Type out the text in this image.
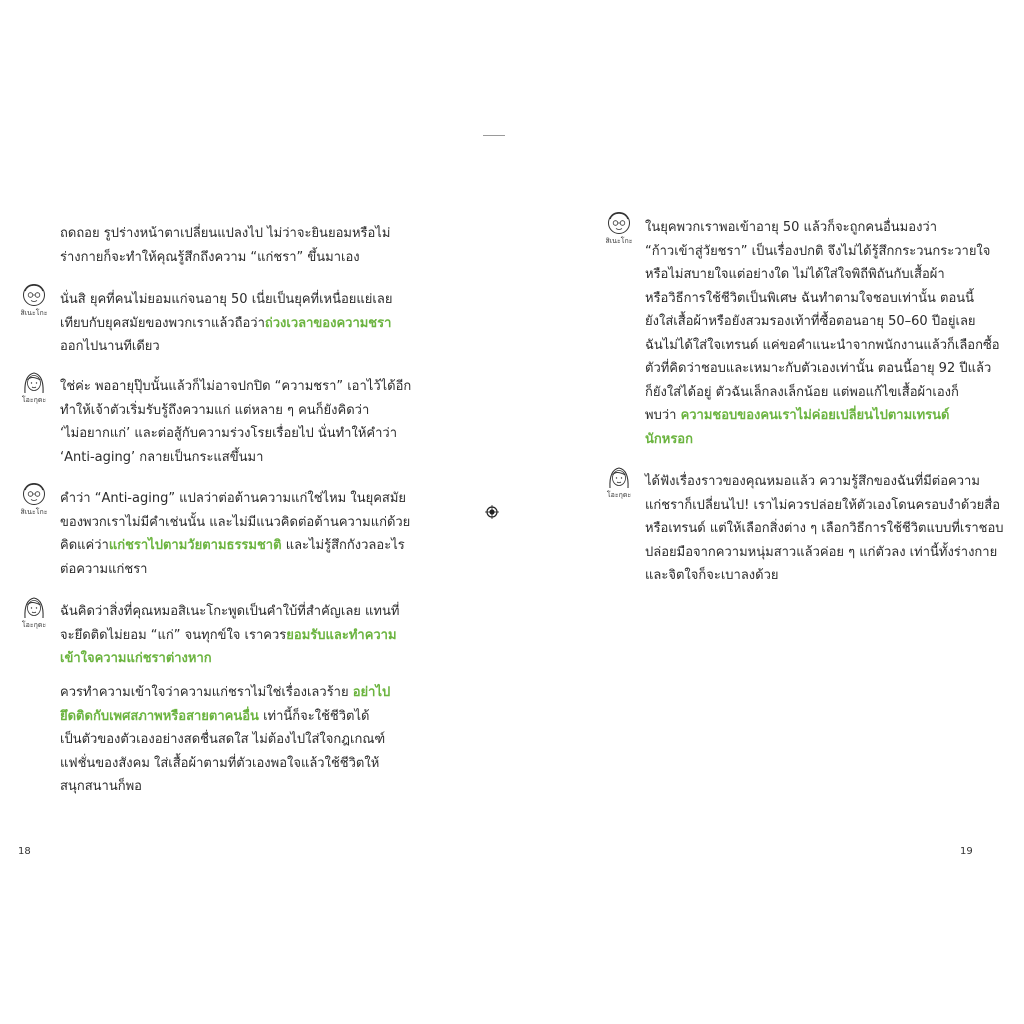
18	19
ถดถอย รูปร่างหน้าตาเปลี่ยนแปลงไป ไม่ว่าจะยินยอมหรือไม่
ร่างกายก็จะทำให้คุณรู้สึกถึงความ “แก่ชรา” ขึ้นมาเอง
สิเนะโกะ
นั่นสิ ยุคที่คนไม่ยอมแก่จนอายุ 50 เนี่ยเป็นยุคที่เหนื่อยแย่เลย
เทียบกับยุคสมัยของพวกเราแล้วถือว่าถ่วงเวลาของความชรา
ออกไปนานทีเดียว
โอะกุดะ
ใช่ค่ะ พออายุปุ๊บนั้นแล้วก็ไม่อาจปกปิด “ความชรา” เอาไว้ได้อีก
ทำให้เจ้าตัวเริ่มรับรู้ถึงความแก่ แต่หลาย ๆ คนก็ยังคิดว่า
‘ไม่อยากแก่’ และต่อสู้กับความร่วงโรยเรื่อยไป นั่นทำให้คำว่า
‘Anti-aging’ กลายเป็นกระแสขึ้นมา
สิเนะโกะ
คำว่า “Anti-aging” แปลว่าต่อต้านความแก่ใช่ไหม ในยุคสมัย
ของพวกเราไม่มีคำเช่นนั้น และไม่มีแนวคิดต่อต้านความแก่ด้วย
คิดแค่ว่าแก่ชราไปตามวัยตามธรรมชาติ และไม่รู้สึกกังวลอะไร
ต่อความแก่ชรา
โอะกุดะ
ฉันคิดว่าสิ่งที่คุณหมอสิเนะโกะพูดเป็นคำใบ้ที่สำคัญเลย แทนที่
จะยึดติดไม่ยอม “แก่” จนทุกข์ใจ เราควรยอมรับและทำความ
เข้าใจความแก่ชราต่างหาก
ควรทำความเข้าใจว่าความแก่ชราไม่ใช่เรื่องเลวร้าย อย่าไป
ยึดติดกับเพศสภาพหรือสายตาคนอื่น เท่านี้ก็จะใช้ชีวิตได้
เป็นตัวของตัวเองอย่างสดชื่นสดใส ไม่ต้องไปใส่ใจกฎเกณฑ์
แฟชั่นของสังคม ใส่เสื้อผ้าตามที่ตัวเองพอใจแล้วใช้ชีวิตให้
สนุกสนานก็พอ
สิเนะโกะ
ในยุคพวกเราพอเข้าอายุ 50 แล้วก็จะถูกคนอื่นมองว่า
“ก้าวเข้าสู่วัยชรา” เป็นเรื่องปกติ จึงไม่ได้รู้สึกกระวนกระวายใจ
หรือไม่สบายใจแต่อย่างใด ไม่ได้ใส่ใจพิถีพิถันกับเสื้อผ้า
หรือวิธีการใช้ชีวิตเป็นพิเศษ ฉันทำตามใจชอบเท่านั้น ตอนนี้
ยังใส่เสื้อผ้าหรือยังสวมรองเท้าที่ซื้อตอนอายุ 50–60 ปีอยู่เลย
ฉันไม่ได้ใส่ใจเทรนด์ แค่ขอคำแนะนำจากพนักงานแล้วก็เลือกซื้อ
ตัวที่คิดว่าชอบและเหมาะกับตัวเองเท่านั้น ตอนนี้อายุ 92 ปีแล้ว
ก็ยังใส่ได้อยู่ ตัวฉันเล็กลงเล็กน้อย แต่พอแก้ไขเสื้อผ้าเองก็
พบว่า ความชอบของคนเราไม่ค่อยเปลี่ยนไปตามเทรนด์
นักหรอก
โอะกุดะ
ได้ฟังเรื่องราวของคุณหมอแล้ว ความรู้สึกของฉันที่มีต่อความ
แก่ชราก็เปลี่ยนไป! เราไม่ควรปล่อยให้ตัวเองโดนครอบงำด้วยสื่อ
หรือเทรนด์ แต่ให้เลือกสิ่งต่าง ๆ เลือกวิธีการใช้ชีวิตแบบที่เราชอบ
ปล่อยมือจากความหนุ่มสาวแล้วค่อย ๆ แก่ตัวลง เท่านี้ทั้งร่างกาย
และจิตใจก็จะเบาลงด้วย
